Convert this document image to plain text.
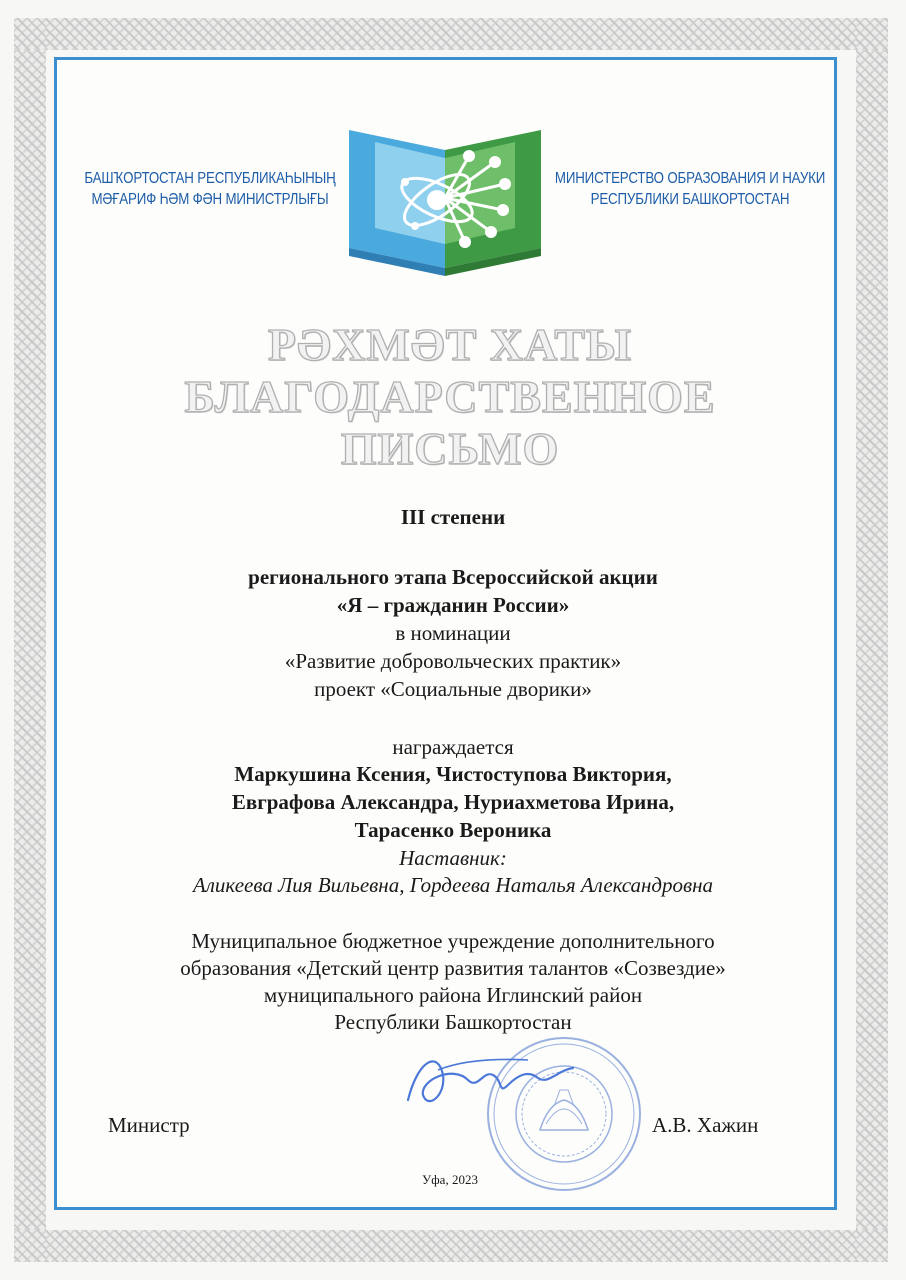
БАШҠОРТОСТАН РЕСПУБЛИКАҺЫНЫҢ
МӘҒАРИФ ҺӘМ ФӘН МИНИСТРЛЫҒЫ
МИНИСТЕРСТВО ОБРАЗОВАНИЯ И НАУКИ
РЕСПУБЛИКИ БАШКОРТОСТАН
РӘХМӘТ ХАТЫ
БЛАГОДАРСТВЕННОЕ
ПИСЬМО
III степени
регионального этапа Всероссийской акции
«Я – гражданин России»
в номинации
«Развитие добровольческих практик»
проект «Социальные дворики»
награждается
Маркушина Ксения, Чистоступова Виктория,
Евграфова Александра, Нуриахметова Ирина,
Тарасенко Вероника
Наставник:
Аликеева Лия Вильевна, Гордеева Наталья Александровна
Муниципальное бюджетное учреждение дополнительного
образования «Детский центр развития талантов «Созвездие»
муниципального района Иглинский район
Республики Башкортостан
Министр	А.В. Хажин
Уфа, 2023
